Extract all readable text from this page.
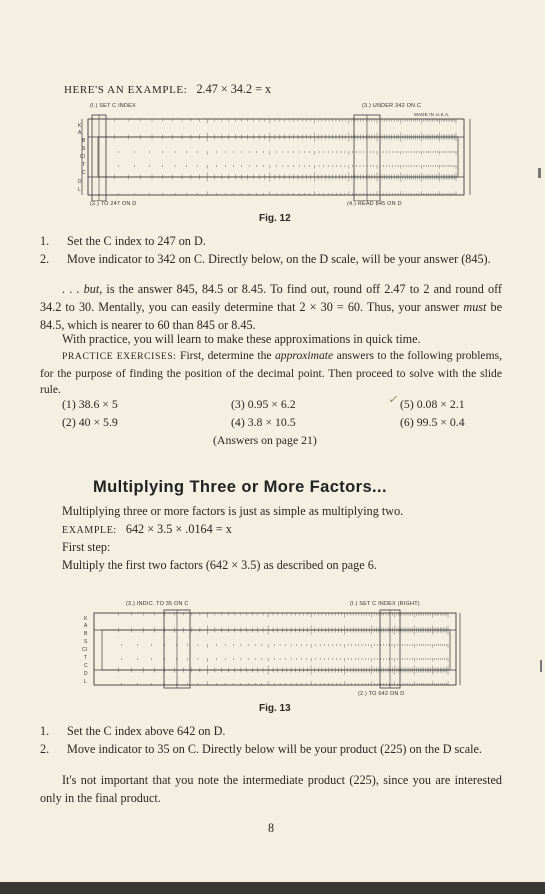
HERE'S AN EXAMPLE: 2.47 × 34.2 = x
(I.) SET C INDEX	(3.) UNDER 342 ON C
MADE IN U.S.A.
K
A
B
S
CI
T
C
D
L
(2.) TO 247 ON D	(4.) READ 845 ON D
Fig. 12
1. Set the C index to 247 on D.
2. Move indicator to 342 on C. Directly below, on the D scale, will be your answer (845).

. . . but, is the answer 845, 84.5 or 8.45. To find out, round off 2.47 to 2 and round off 34.2 to 30. Mentally, you can easily determine that 2 × 30 = 60. Thus, your answer must be 84.5, which is nearer to 60 than 845 or 8.45.

With practice, you will learn to make these approximations in quick time.

PRACTICE EXERCISES: First, determine the approximate answers to the following problems, for the purpose of finding the position of the decimal point. Then proceed to solve with the slide rule.

(1) 38.6 × 5	(3) 0.95 × 6.2	(5) 0.08 × 2.1
✓
(2) 40 × 5.9	(4) 3.8 × 10.5	(6) 99.5 × 0.4
(Answers on page 21)
Multiplying Three or More Factors...
Multiplying three or more factors is just as simple as multiplying two.
EXAMPLE: 642 × 3.5 × .0164 = x
First step:
Multiply the first two factors (642 × 3.5) as described on page 6.
(3.) INDIC. TO 35 ON C	(I.) SET C INDEX (RIGHT)
K
A
B
S
CI
T
C
D
L
(2.) TO 642 ON D
Fig. 13
1. Set the C index above 642 on D.
2. Move indicator to 35 on C. Directly below will be your product (225) on the D scale.

It's not important that you note the intermediate product (225), since you are interested only in the final product.

8
